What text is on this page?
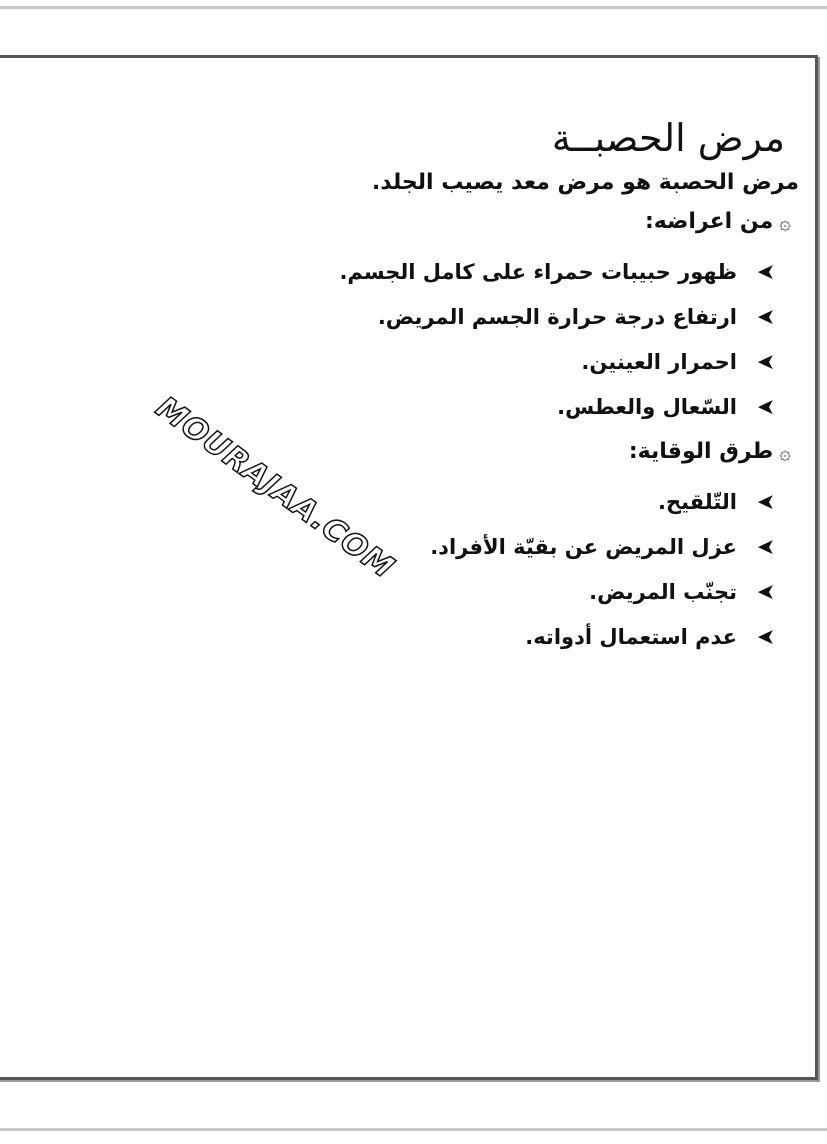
مرض الحصبــة

مرض الحصبة هو مرض معد يصيب الجلد.

۞
من اعراضه:
➤
ظهور حبيبات حمراء على كامل الجسم.
➤
ارتفاع درجة حرارة الجسم المريض.
➤
احمرار العينين.
➤
السّعال والعطس.
۞
طرق الوقاية:
➤
التّلقيح.
➤
عزل المريض عن بقيّة الأفراد.
➤
تجنّب المريض.
➤
عدم استعمال أدواته.
MOURAJAA.COM
